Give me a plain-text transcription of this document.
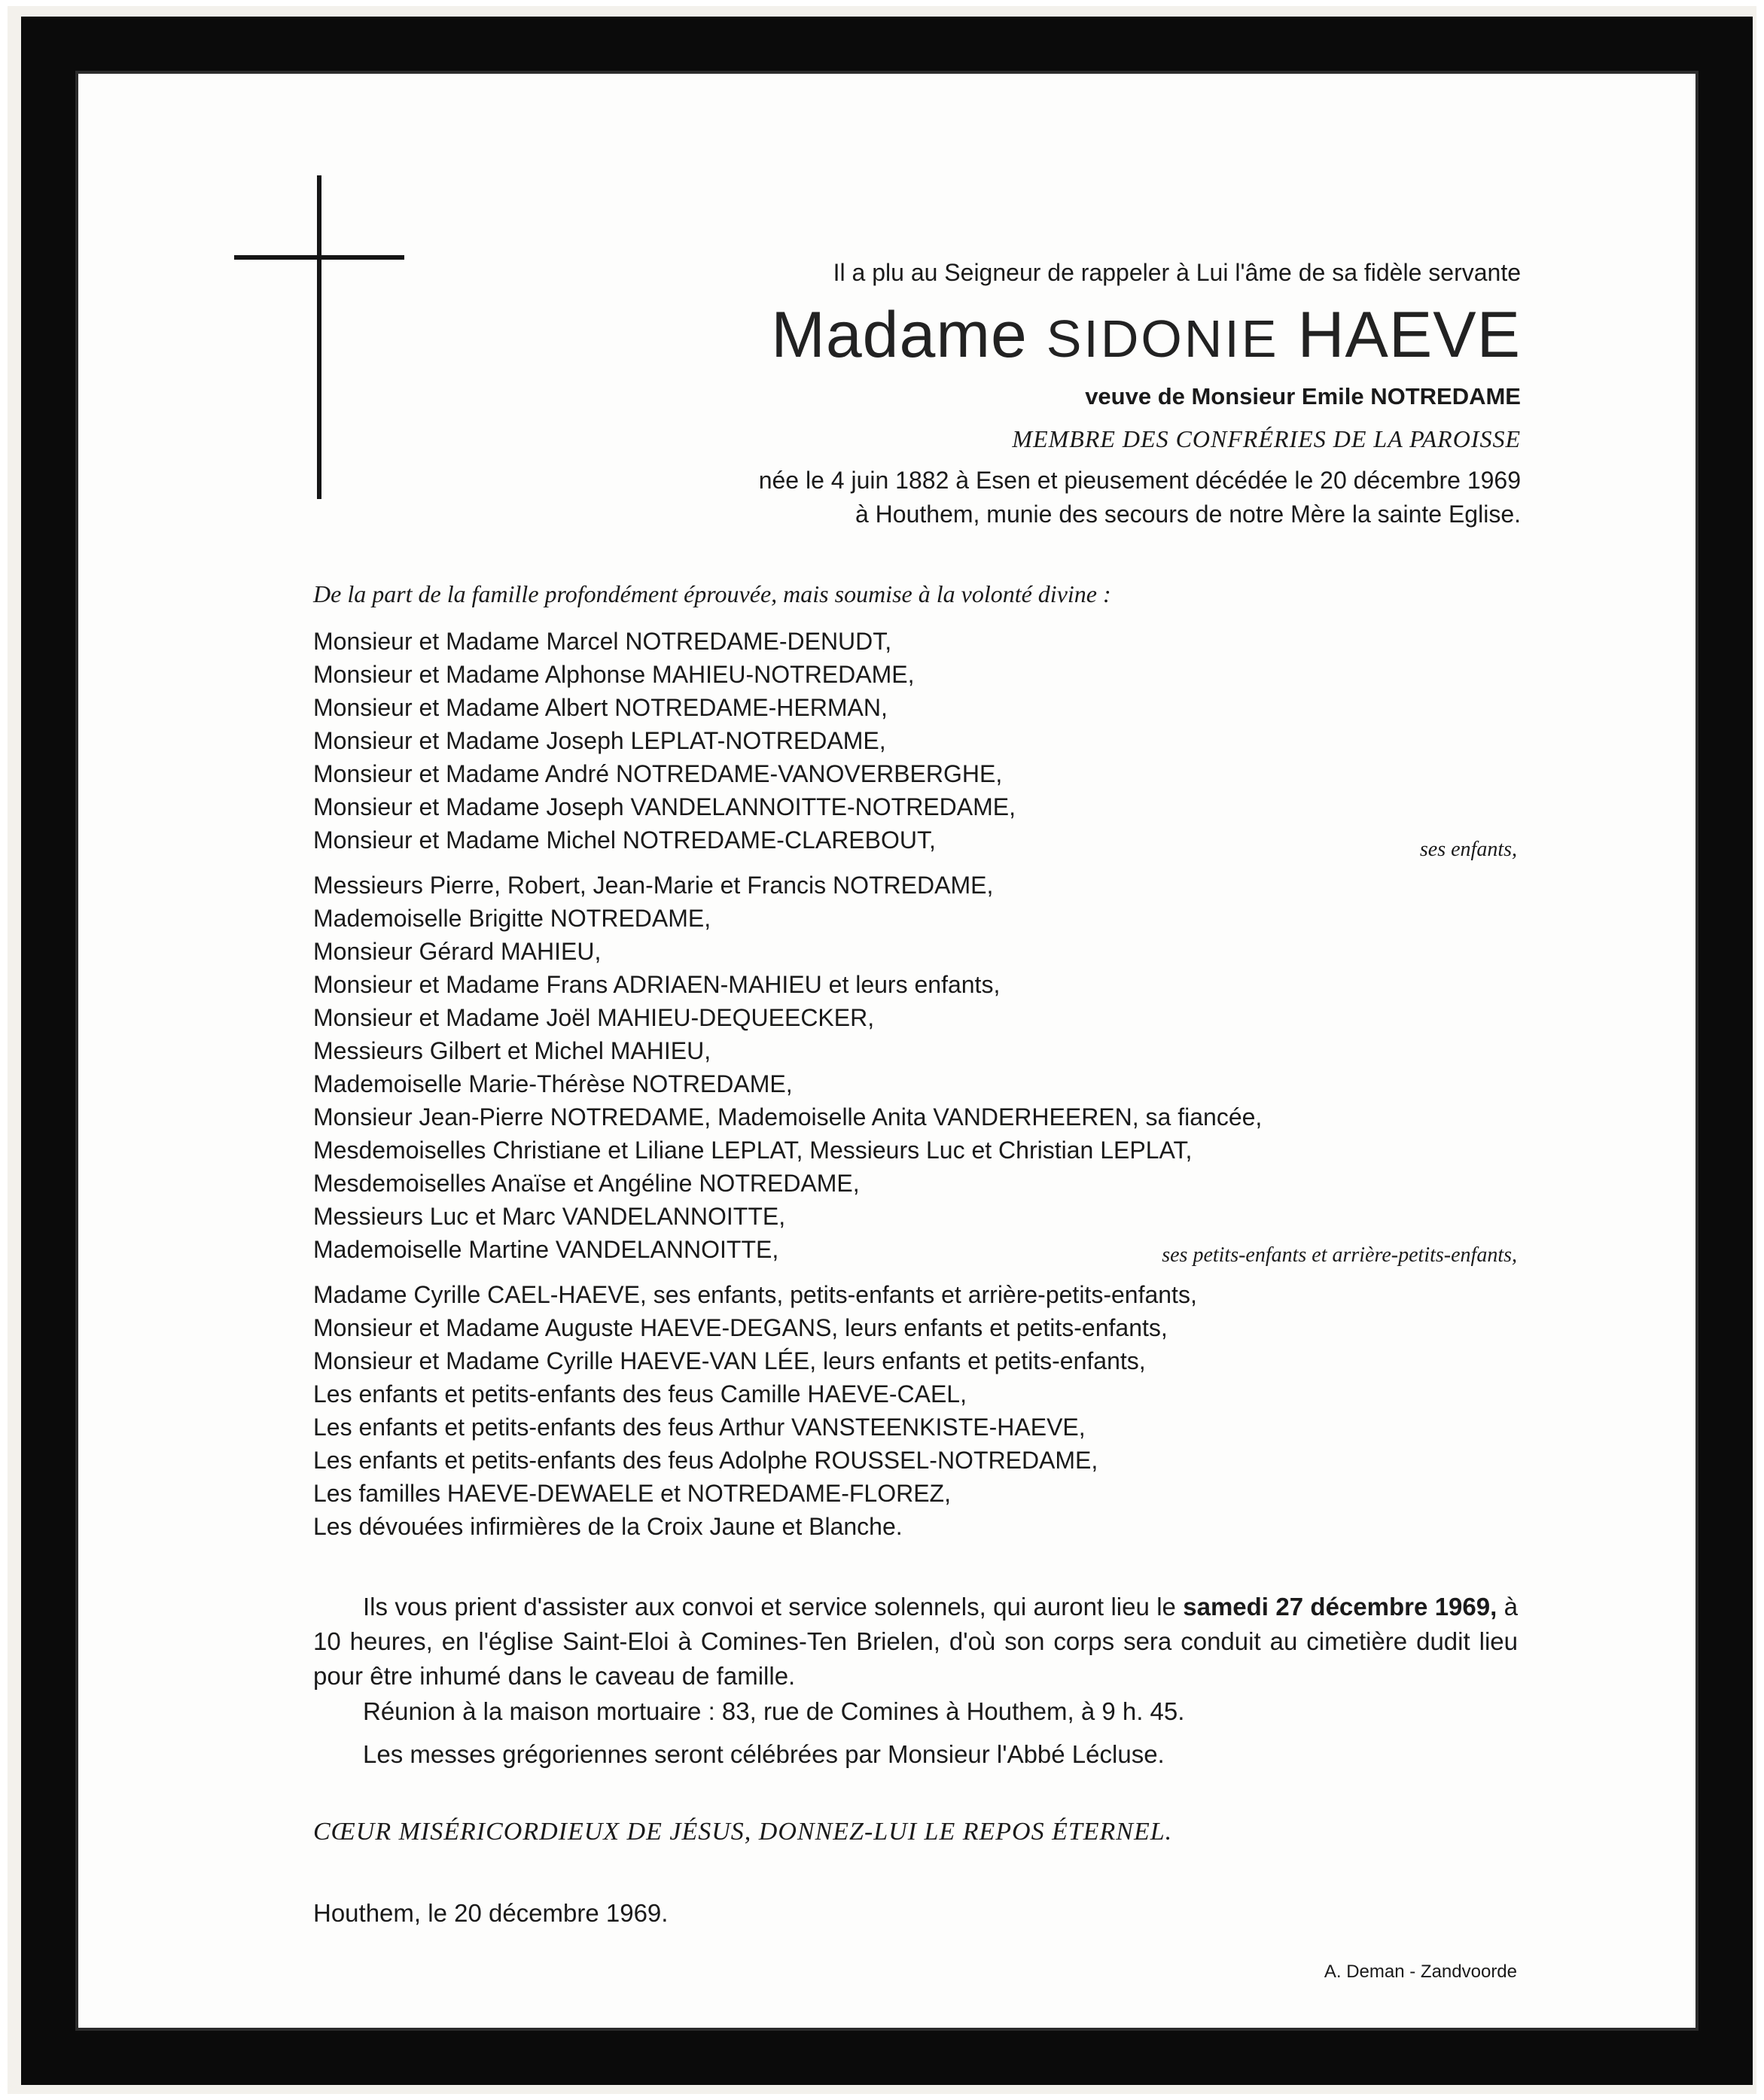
Il a plu au Seigneur de rappeler à Lui l'âme de sa fidèle servante
Madame SIDONIE HAEVE
veuve de Monsieur Emile NOTREDAME
MEMBRE DES CONFRÉRIES DE LA PAROISSE
née le 4 juin 1882 à Esen et pieusement décédée le 20 décembre 1969
à Houthem, munie des secours de notre Mère la sainte Eglise.
De la part de la famille profondément éprouvée, mais soumise à la volonté divine :
Monsieur et Madame Marcel NOTREDAME-DENUDT,
Monsieur et Madame Alphonse MAHIEU-NOTREDAME,
Monsieur et Madame Albert NOTREDAME-HERMAN,
Monsieur et Madame Joseph LEPLAT-NOTREDAME,
Monsieur et Madame André NOTREDAME-VANOVERBERGHE,
Monsieur et Madame Joseph VANDELANNOITTE-NOTREDAME,
Monsieur et Madame Michel NOTREDAME-CLAREBOUT,	ses enfants,
Messieurs Pierre, Robert, Jean-Marie et Francis NOTREDAME,
Mademoiselle Brigitte NOTREDAME,
Monsieur Gérard MAHIEU,
Monsieur et Madame Frans ADRIAEN-MAHIEU et leurs enfants,
Monsieur et Madame Joël MAHIEU-DEQUEECKER,
Messieurs Gilbert et Michel MAHIEU,
Mademoiselle Marie-Thérèse NOTREDAME,
Monsieur Jean-Pierre NOTREDAME, Mademoiselle Anita VANDERHEEREN, sa fiancée,
Mesdemoiselles Christiane et Liliane LEPLAT, Messieurs Luc et Christian LEPLAT,
Mesdemoiselles Anaïse et Angéline NOTREDAME,
Messieurs Luc et Marc VANDELANNOITTE,
Mademoiselle Martine VANDELANNOITTE,	ses petits-enfants et arrière-petits-enfants,
Madame Cyrille CAEL-HAEVE, ses enfants, petits-enfants et arrière-petits-enfants,
Monsieur et Madame Auguste HAEVE-DEGANS, leurs enfants et petits-enfants,
Monsieur et Madame Cyrille HAEVE-VAN LÉE, leurs enfants et petits-enfants,
Les enfants et petits-enfants des feus Camille HAEVE-CAEL,
Les enfants et petits-enfants des feus Arthur VANSTEENKISTE-HAEVE,
Les enfants et petits-enfants des feus Adolphe ROUSSEL-NOTREDAME,
Les familles HAEVE-DEWAELE et NOTREDAME-FLOREZ,
Les dévouées infirmières de la Croix Jaune et Blanche.
Ils vous prient d'assister aux convoi et service solennels, qui auront lieu le samedi 27 décembre 1969, à 10 heures, en l'église Saint-Eloi à Comines-Ten Brielen, d'où son corps sera conduit au cimetière dudit lieu pour être inhumé dans le caveau de famille.
Réunion à la maison mortuaire : 83, rue de Comines à Houthem, à 9 h. 45.
Les messes grégoriennes seront célébrées par Monsieur l'Abbé Lécluse.
CŒUR MISÉRICORDIEUX DE JÉSUS, DONNEZ-LUI LE REPOS ÉTERNEL.
Houthem, le 20 décembre 1969.
A. Deman - Zandvoorde
